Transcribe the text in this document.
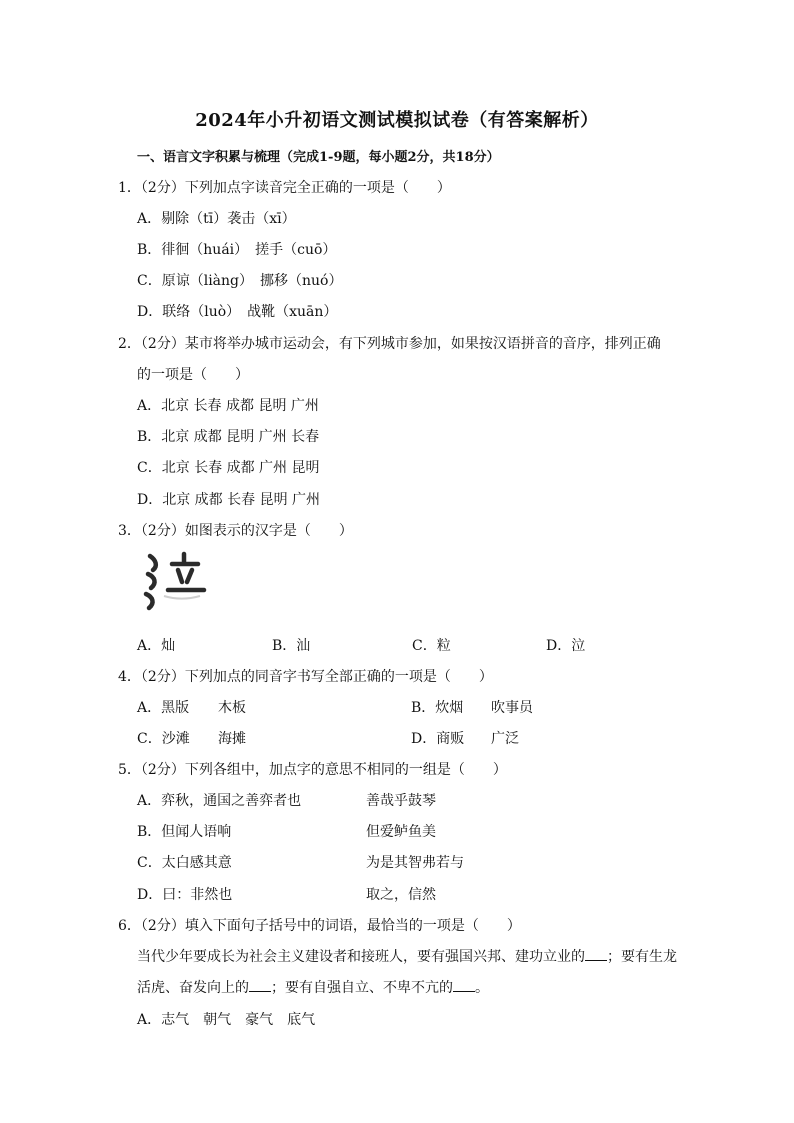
2024年小升初语文测试模拟试卷（有答案解析）
一、语言文字积累与梳理（完成1-9题，每小题2分，共18分）
1．（2分）下列加点字读音完全正确的一项是（　　）
A．剔除（tī）袭击（xī）
B．徘徊（huái）　搓手（cuō）
C．原谅（liàng）　挪移（nuó）
D．联络（luò）　战靴（xuān）
2．（2分）某市将举办城市运动会，有下列城市参加，如果按汉语拼音的音序，排列正确
的一项是（　　）
A．北京 长春 成都 昆明 广州
B．北京 成都 昆明 广州 长春
C．北京 长春 成都 广州 昆明
D．北京 成都 长春 昆明 广州
3．（2分）如图表示的汉字是（　　）
A．灿	B．汕	C．粒	D．泣
4．（2分）下列加点的同音字书写全部正确的一项是（　　）
A．黑版 木板	B．炊烟 吹事员
C．沙滩 海摊	D．商贩 广泛
5．（2分）下列各组中，加点字的意思不相同的一组是（　　）
A．弈秋，通国之善弈者也	善哉乎鼓琴
B．但闻人语响	但爱鲈鱼美
C．太白感其意	为是其智弗若与
D．曰：非然也	取之，信然
6．（2分）填入下面句子括号中的词语，最恰当的一项是（　　）
当代少年要成长为社会主义建设者和接班人，要有强国兴邦、建功立业的 ；要有生龙
活虎、奋发向上的 ；要有自强自立、不卑不亢的 。
A．志气　朝气　豪气　底气
